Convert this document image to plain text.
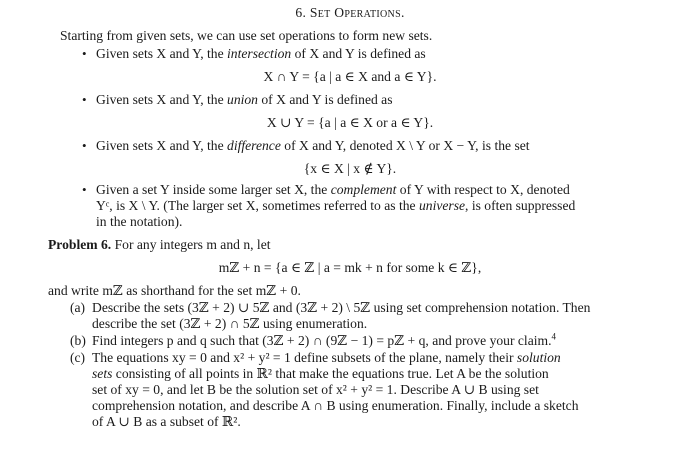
6. Set Operations.
Starting from given sets, we can use set operations to form new sets.
• Given sets X and Y, the intersection of X and Y is defined as
X ∩ Y = {a | a ∈ X and a ∈ Y}.
• Given sets X and Y, the union of X and Y is defined as
X ∪ Y = {a | a ∈ X or a ∈ Y}.
• Given sets X and Y, the difference of X and Y, denoted X \ Y or X − Y, is the set
{x ∈ X | x ∉ Y}.
• Given a set Y inside some larger set X, the complement of Y with respect to X, denoted
Yᶜ, is X \ Y. (The larger set X, sometimes referred to as the universe, is often suppressed
in the notation).
Problem 6. For any integers m and n, let
mℤ + n = {a ∈ ℤ | a = mk + n for some k ∈ ℤ},
and write mℤ as shorthand for the set mℤ + 0.
(a) Describe the sets (3ℤ + 2) ∪ 5ℤ and (3ℤ + 2) \ 5ℤ using set comprehension notation. Then
describe the set (3ℤ + 2) ∩ 5ℤ using enumeration.
(b) Find integers p and q such that (3ℤ + 2) ∩ (9ℤ − 1) = pℤ + q, and prove your claim.$^4$
(c) The equations xy = 0 and x² + y² = 1 define subsets of the plane, namely their solution
sets consisting of all points in ℝ² that make the equations true. Let A be the solution
set of xy = 0, and let B be the solution set of x² + y² = 1. Describe A ∪ B using set
comprehension notation, and describe A ∩ B using enumeration. Finally, include a sketch
of A ∪ B as a subset of ℝ².
